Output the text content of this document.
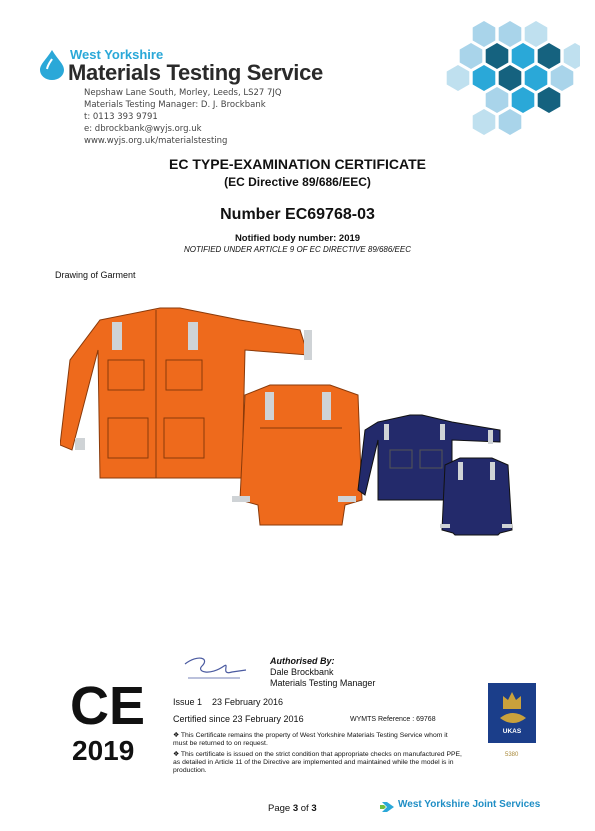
West Yorkshire
Materials Testing Service
Nepshaw Lane South, Morley, Leeds, LS27 7JQ
Materials Testing Manager: D. J. Brockbank
t: 0113 393 9791
e: dbrockbank@wyjs.org.uk
www.wyjs.org.uk/materialstesting
EC TYPE-EXAMINATION CERTIFICATE
(EC Directive 89/686/EEC)
Number EC69768-03
Notified body number: 2019
NOTIFIED UNDER ARTICLE 9 OF EC DIRECTIVE 89/686/EEC
Drawing of Garment
Authorised By:
Dale Brockbank
Materials Testing Manager
CE
2019
Issue 1    23 February 2016
Certified since 23 February 2016	WYMTS Reference : 69768
❖ This Certificate remains the property of West Yorkshire Materials Testing Service whom it must be returned to on request.
❖ This certificate is issued on the strict condition that appropriate checks on manufactured PPE, as detailed in Article 11 of the Directive are implemented and maintained while the model is in production.
UKAS
5380
Page 3 of 3	West Yorkshire Joint Services
